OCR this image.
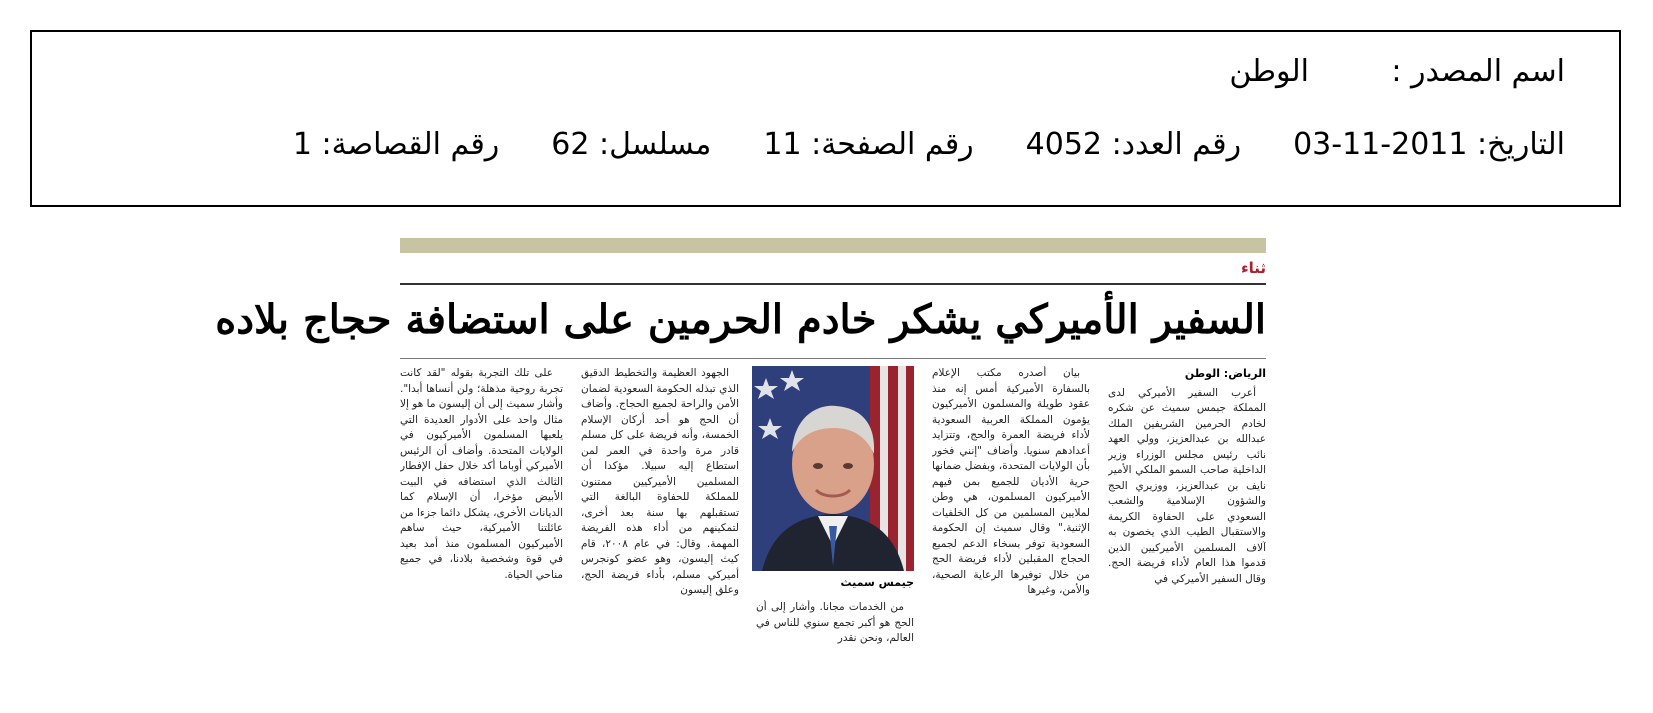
اسم المصدر :
الوطن
التاريخ: 2011-11-03
رقم العدد: 4052
رقم الصفحة: 11
مسلسل: 62
رقم القصاصة: 1
ثناء
السفير الأميركي يشكر خادم الحرمين على استضافة حجاج بلاده
الرياض: الوطن

أعرب السفير الأميركي لدى المملكة جيمس سميث عن شكره لخادم الحرمين الشريفين الملك عبدالله بن عبدالعزيز، وولي العهد نائب رئيس مجلس الوزراء وزير الداخلية صاحب السمو الملكي الأمير نايف بن عبدالعزيز، ووزيري الحج والشؤون الإسلامية والشعب السعودي على الحفاوة الكريمة والاستقبال الطيب الذي يخصون به آلاف المسلمين الأميركيين الذين قدموا هذا العام لأداء فريضة الحج. وقال السفير الأميركي في

بيان أصدره مكتب الإعلام بالسفارة الأميركية أمس إنه منذ عقود طويلة والمسلمون الأميركيون يؤمون المملكة العربية السعودية لأداء فريضة العمرة والحج، وتتزايد أعدادهم سنويا. وأضاف "إنني فخور بأن الولايات المتحدة، وبفضل ضمانها حرية الأديان للجميع بمن فيهم الأميركيون المسلمون، هي وطن لملايين المسلمين من كل الخلفيات الإثنية." وقال سميث إن الحكومة السعودية توفر بسخاء الدعم لجميع الحجاج المقبلين لأداء فريضة الحج من خلال توفيرها الرعاية الصحية، والأمن، وغيرها

جيمس سميث

من الخدمات مجانا. وأشار إلى أن الحج هو أكبر تجمع سنوي للناس في العالم، ونحن نقدر

الجهود العظيمة والتخطيط الدقيق الذي تبذله الحكومة السعودية لضمان الأمن والراحة لجميع الحجاج. وأضاف أن الحج هو أحد أركان الإسلام الخمسة، وأنه فريضة على كل مسلم قادر مرة واحدة في العمر لمن استطاع إليه سبيلا. مؤكدا أن المسلمين الأميركيين ممتنون للمملكة للحفاوة البالغة التي تستقبلهم بها سنة بعد أخرى، لتمكينهم من أداء هذه الفريضة المهمة. وقال: في عام ٢٠٠٨، قام كيث إليسون، وهو عضو كونجرس أميركي مسلم، بأداء فريضة الحج، وعلق إليسون

على تلك التجربة بقوله "لقد كانت تجربة روحية مذهلة؛ ولن أنساها أبدا". وأشار سميث إلى أن إليسون ما هو إلا مثال واحد على الأدوار العديدة التي يلعبها المسلمون الأميركيون في الولايات المتحدة. وأضاف أن الرئيس الأميركي أوباما أكد خلال حفل الإفطار الثالث الذي استضافه في البيت الأبيض مؤخرا، أن الإسلام كما الديانات الأخرى، يشكل دائما جزءا من عائلتنا الأميركية، حيث ساهم الأميركيون المسلمون منذ أمد بعيد في قوة وشخصية بلادنا، في جميع مناحي الحياة.
